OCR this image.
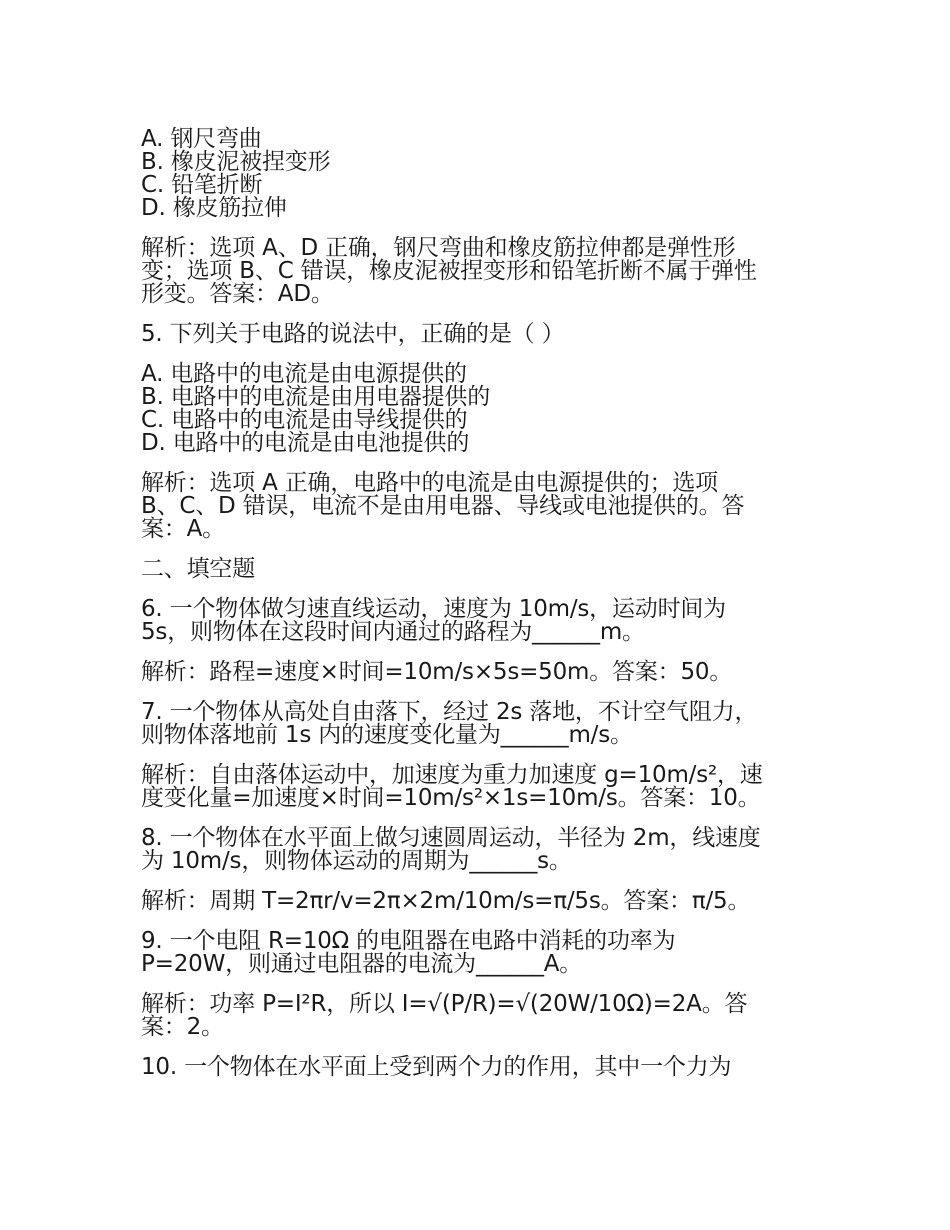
A. 钢尺弯曲
B. 橡皮泥被捏变形
C. 铅笔折断
D. 橡皮筋拉伸
解析：选项 A、D 正确，钢尺弯曲和橡皮筋拉伸都是弹性形
变；选项 B、C 错误，橡皮泥被捏变形和铅笔折断不属于弹性
形变。答案：AD。
5. 下列关于电路的说法中，正确的是（ ）
A. 电路中的电流是由电源提供的
B. 电路中的电流是由用电器提供的
C. 电路中的电流是由导线提供的
D. 电路中的电流是由电池提供的
解析：选项 A 正确，电路中的电流是由电源提供的；选项
B、C、D 错误，电流不是由用电器、导线或电池提供的。答
案：A。
二、填空题
6. 一个物体做匀速直线运动，速度为 10m/s，运动时间为
5s，则物体在这段时间内通过的路程为______m。
解析：路程=速度×时间=10m/s×5s=50m。答案：50。
7. 一个物体从高处自由落下，经过 2s 落地，不计空气阻力，
则物体落地前 1s 内的速度变化量为______m/s。
解析：自由落体运动中，加速度为重力加速度 g=10m/s²，速
度变化量=加速度×时间=10m/s²×1s=10m/s。答案：10。
8. 一个物体在水平面上做匀速圆周运动，半径为 2m，线速度
为 10m/s，则物体运动的周期为______s。
解析：周期 T=2πr/v=2π×2m/10m/s=π/5s。答案：π/5。
9. 一个电阻 R=10Ω 的电阻器在电路中消耗的功率为
P=20W，则通过电阻器的电流为______A。
解析：功率 P=I²R，所以 I=√(P/R)=√(20W/10Ω)=2A。答
案：2。
10. 一个物体在水平面上受到两个力的作用，其中一个力为
